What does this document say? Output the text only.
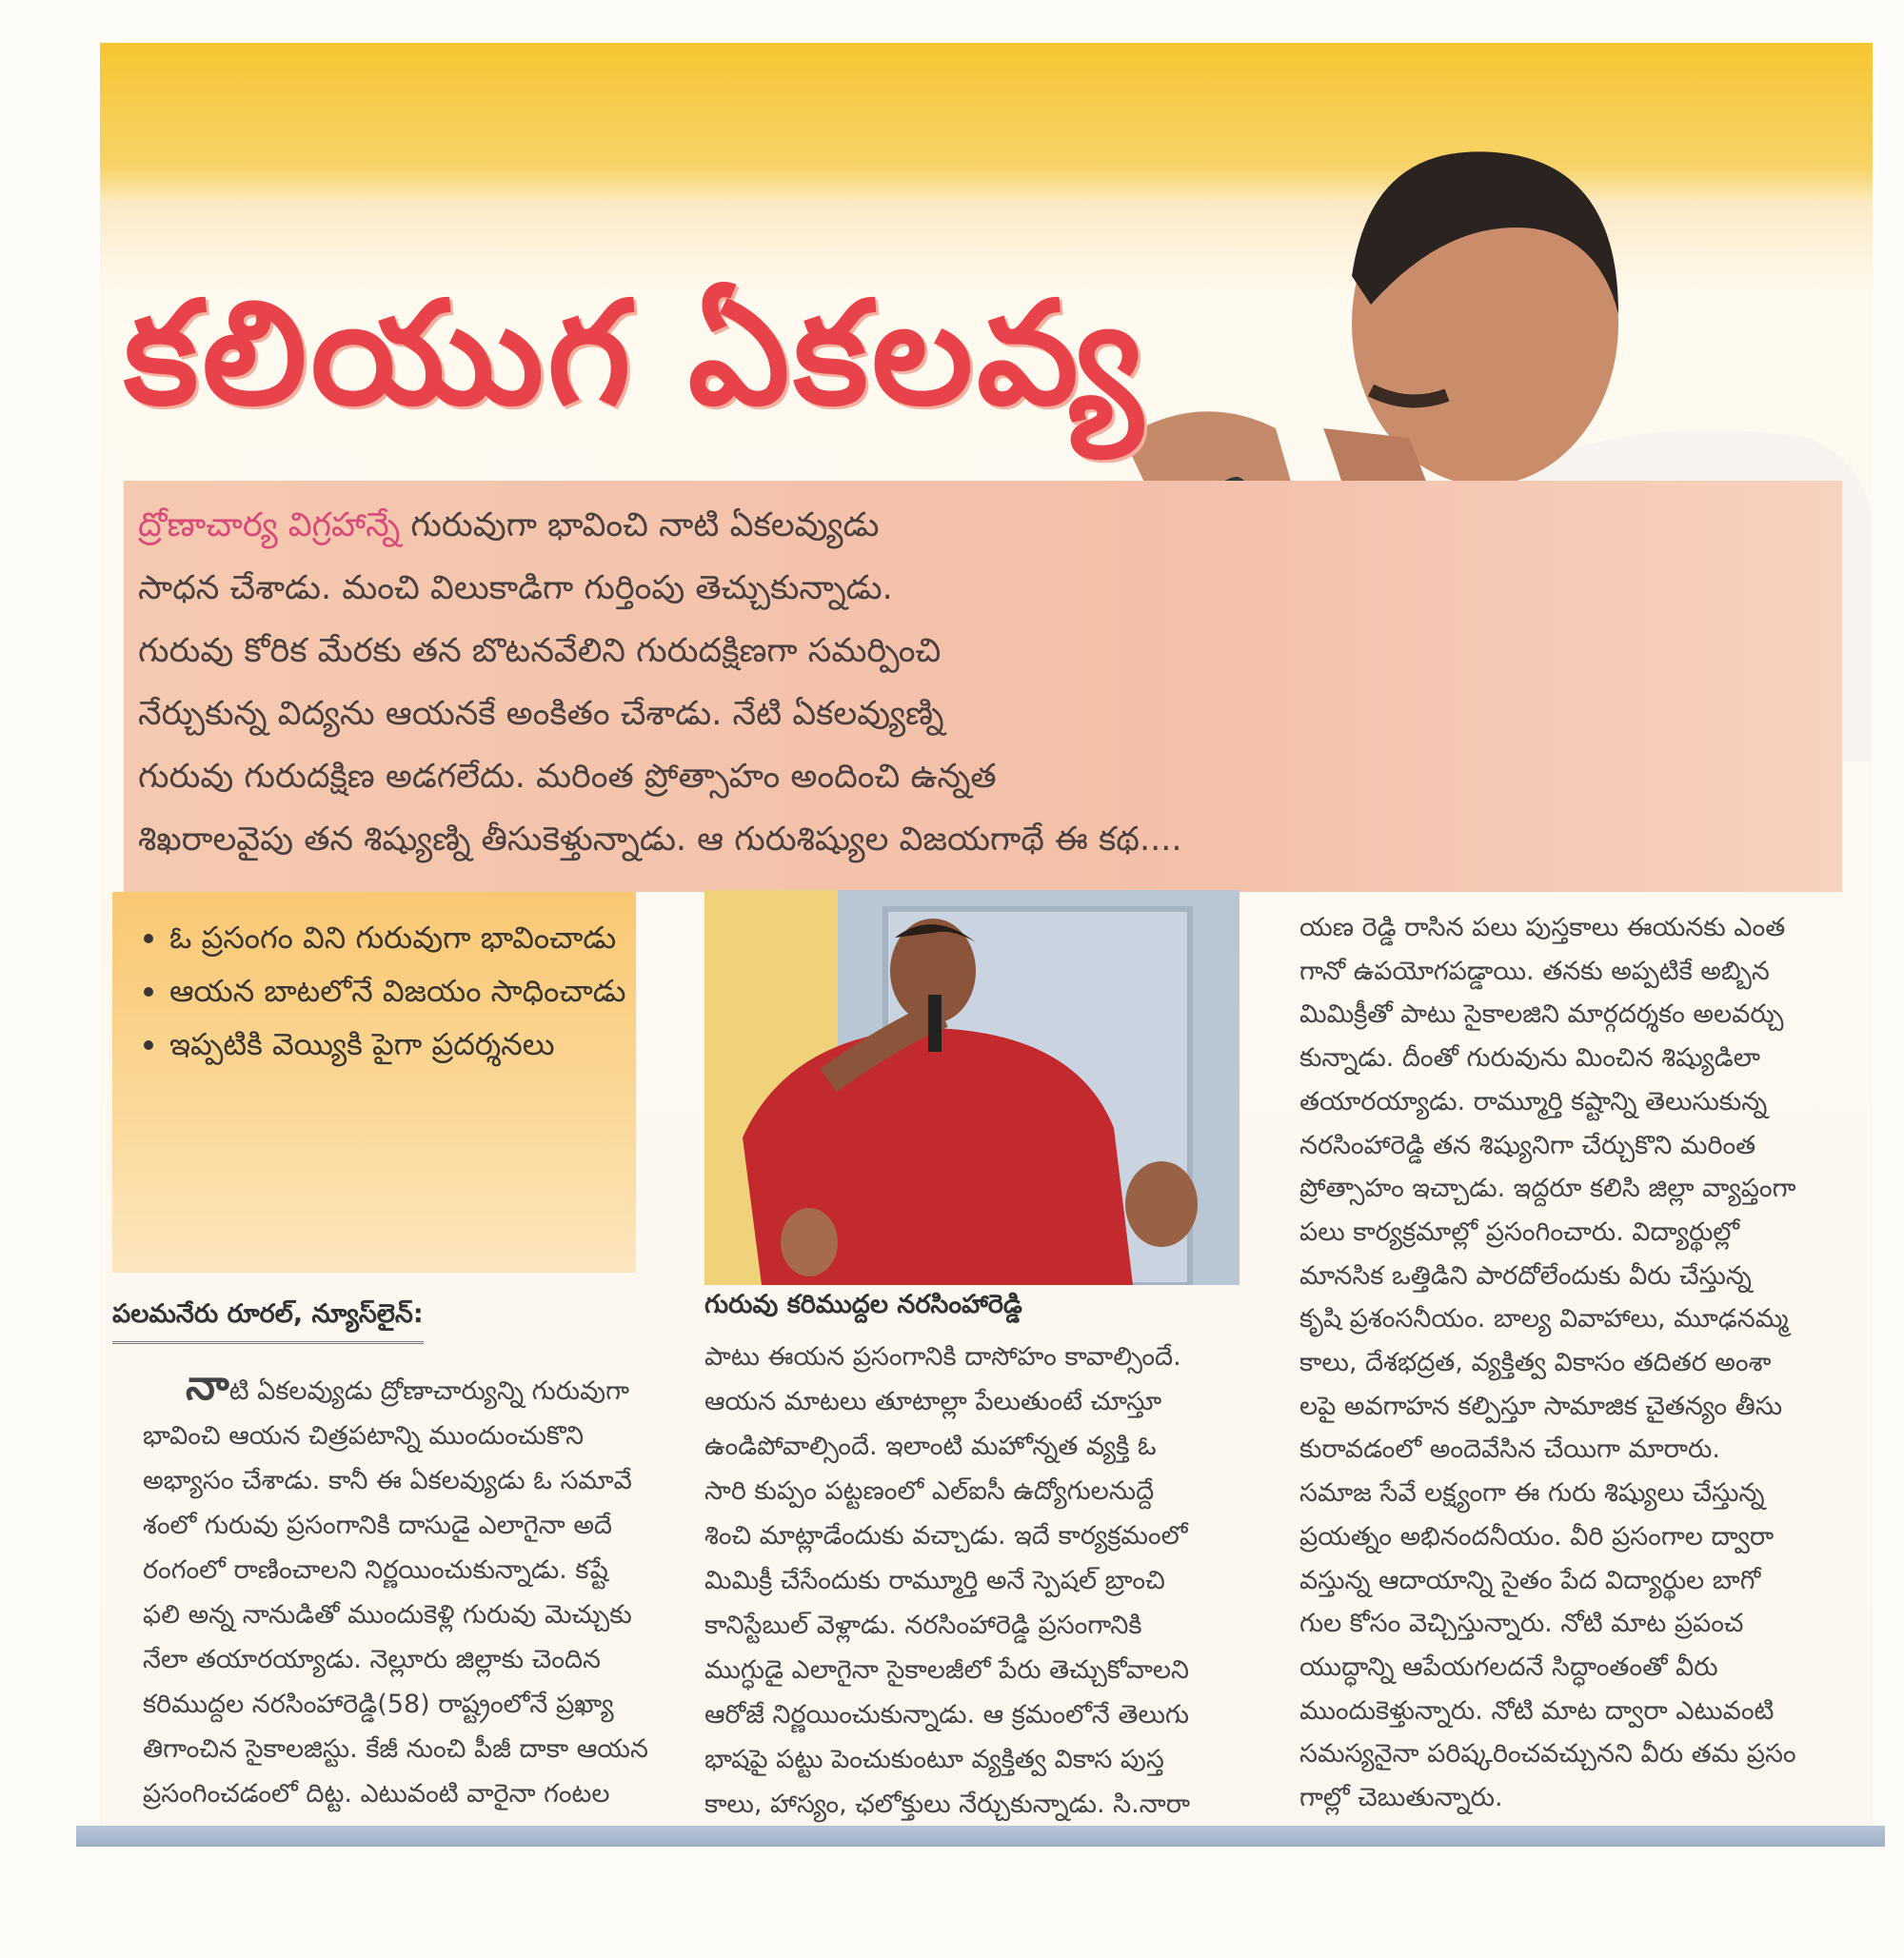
కలియుగ ఏకలవ్య
ద్రోణాచార్య విగ్రహాన్నే గురువుగా భావించి నాటి ఏకలవ్యుడు
సాధన చేశాడు. మంచి విలుకాడిగా గుర్తింపు తెచ్చుకున్నాడు.
గురువు కోరిక మేరకు తన బొటనవేలిని గురుదక్షిణగా సమర్పించి
నేర్చుకున్న విద్యను ఆయనకే అంకితం చేశాడు. నేటి ఏకలవ్యుణ్ని
గురువు గురుదక్షిణ అడగలేదు. మరింత ప్రోత్సాహం అందించి ఉన్నత
శిఖరాలవైపు తన శిష్యుణ్ని తీసుకెళ్తున్నాడు. ఆ గురుశిష్యుల విజయగాథే ఈ కథ....
• ఓ ప్రసంగం విని గురువుగా భావించాడు
• ఆయన బాటలోనే విజయం సాధించాడు
• ఇప్పటికి వెయ్యికి పైగా ప్రదర్శనలు
గురువు కరిముద్దల నరసింహారెడ్డి
పలమనేరు రూరల్, న్యూస్‌లైన్:
నాటి ఏకలవ్యుడు ద్రోణాచార్యున్ని గురువుగా
భావించి ఆయన చిత్రపటాన్ని ముందుంచుకొని
అభ్యాసం చేశాడు. కానీ ఈ ఏకలవ్యుడు ఓ సమావే
శంలో గురువు ప్రసంగానికి దాసుడై ఎలాగైనా అదే
రంగంలో రాణించాలని నిర్ణయించుకున్నాడు. కష్టే
ఫలి అన్న నానుడితో ముందుకెళ్లి గురువు మెచ్చుకు
నేలా తయారయ్యాడు. నెల్లూరు జిల్లాకు చెందిన
కరిముద్దల నరసింహారెడ్డి(58) రాష్ట్రంలోనే ప్రఖ్యా
తిగాంచిన సైకాలజిస్టు. కేజీ నుంచి పీజీ దాకా ఆయన
ప్రసంగించడంలో దిట్ట. ఎటువంటి వారైనా గంటల
పాటు ఈయన ప్రసంగానికి దాసోహం కావాల్సిందే.
ఆయన మాటలు తూటాల్లా పేలుతుంటే చూస్తూ
ఉండిపోవాల్సిందే. ఇలాంటి మహోన్నత వ్యక్తి ఓ
సారి కుప్పం పట్టణంలో ఎల్‌ఐసీ ఉద్యోగులనుద్దే
శించి మాట్లాడేందుకు వచ్చాడు. ఇదే కార్యక్రమంలో
మిమిక్రీ చేసేందుకు రామ్మూర్తి అనే స్పెషల్ బ్రాంచి
కానిస్టేబుల్ వెళ్లాడు. నరసింహారెడ్డి ప్రసంగానికి
ముగ్ధుడై ఎలాగైనా సైకాలజీలో పేరు తెచ్చుకోవాలని
ఆరోజే నిర్ణయించుకున్నాడు. ఆ క్రమంలోనే తెలుగు
భాషపై పట్టు పెంచుకుంటూ వ్యక్తిత్వ వికాస పుస్త
కాలు, హాస్యం, ఛలోక్తులు నేర్చుకున్నాడు. సి.నారా
యణ రెడ్డి రాసిన పలు పుస్తకాలు ఈయనకు ఎంత
గానో ఉపయోగపడ్డాయి. తనకు అప్పటికే అబ్బిన
మిమిక్రీతో పాటు సైకాలజిని మార్గదర్శకం అలవర్చు
కున్నాడు. దీంతో గురువును మించిన శిష్యుడిలా
తయారయ్యాడు. రామ్మూర్తి కష్టాన్ని తెలుసుకున్న
నరసింహారెడ్డి తన శిష్యునిగా చేర్చుకొని మరింత
ప్రోత్సాహం ఇచ్చాడు. ఇద్దరూ కలిసి జిల్లా వ్యాప్తంగా
పలు కార్యక్రమాల్లో ప్రసంగించారు. విద్యార్థుల్లో
మానసిక ఒత్తిడిని పారదోలేందుకు వీరు చేస్తున్న
కృషి ప్రశంసనీయం. బాల్య వివాహాలు, మూఢనమ్మ
కాలు, దేశభద్రత, వ్యక్తిత్వ వికాసం తదితర అంశా
లపై అవగాహన కల్పిస్తూ సామాజిక చైతన్యం తీసు
కురావడంలో అందెవేసిన చేయిగా మారారు.
సమాజ సేవే లక్ష్యంగా ఈ గురు శిష్యులు చేస్తున్న
ప్రయత్నం అభినందనీయం. వీరి ప్రసంగాల ద్వారా
వస్తున్న ఆదాయాన్ని సైతం పేద విద్యార్థుల బాగో
గుల కోసం వెచ్చిస్తున్నారు. నోటి మాట ప్రపంచ
యుద్ధాన్ని ఆపేయగలదనే సిద్ధాంతంతో వీరు
ముందుకెళ్తున్నారు. నోటి మాట ద్వారా ఎటువంటి
సమస్యనైనా పరిష్కరించవచ్చునని వీరు తమ ప్రసం
గాల్లో చెబుతున్నారు.
